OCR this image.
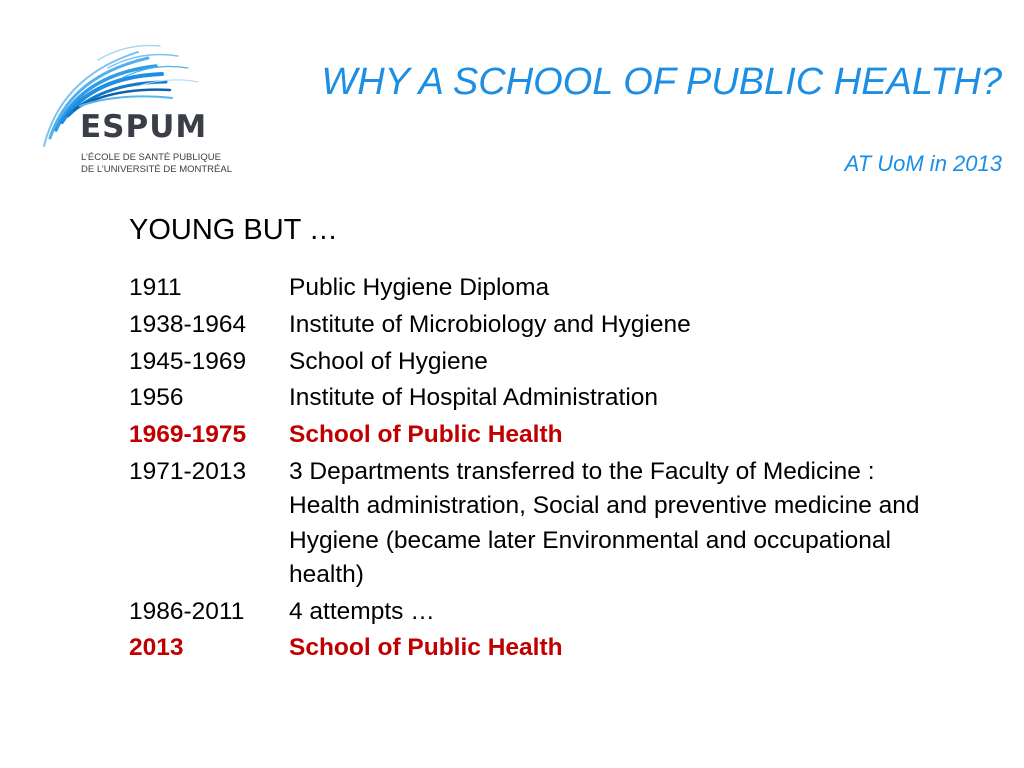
ESPUM
L’ÉCOLE DE SANTÉ PUBLIQUE
DE L’UNIVERSITÉ DE MONTRÉAL
WHY A SCHOOL OF PUBLIC HEALTH?
AT UoM in 2013
YOUNG BUT …
1911	Public Hygiene Diploma
1938-1964	Institute of Microbiology and Hygiene
1945-1969	School of Hygiene
1956	Institute of Hospital Administration
1969-1975	School of Public Health
1971-2013	3 Departments transferred to the Faculty of Medicine : Health administration, Social and preventive medicine and Hygiene (became later Environmental and occupational health)
1986-2011	4 attempts …
2013	School of Public Health
